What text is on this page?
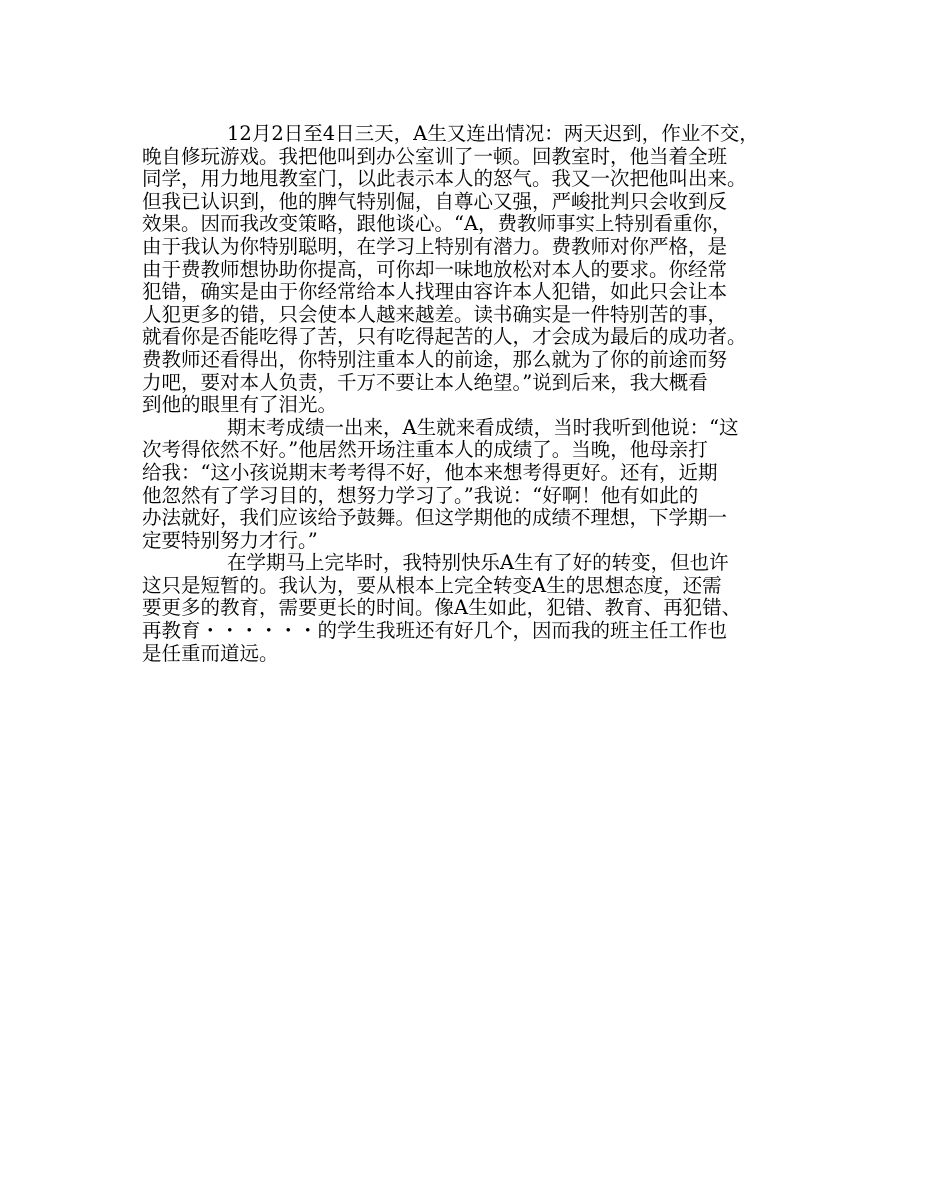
12月2日至4日三天，A生又连出情况：两天迟到，作业不交，
晚自修玩游戏。我把他叫到办公室训了一顿。回教室时，他当着全班
同学，用力地甩教室门，以此表示本人的怒气。我又一次把他叫出来。
但我已认识到，他的脾气特别倔，自尊心又强，严峻批判只会收到反
效果。因而我改变策略，跟他谈心。“A，费教师事实上特别看重你，
由于我认为你特别聪明，在学习上特别有潜力。费教师对你严格，是
由于费教师想协助你提高，可你却一味地放松对本人的要求。你经常
犯错，确实是由于你经常给本人找理由容许本人犯错，如此只会让本
人犯更多的错，只会使本人越来越差。读书确实是一件特别苦的事，
就看你是否能吃得了苦，只有吃得起苦的人，才会成为最后的成功者。
费教师还看得出，你特别注重本人的前途，那么就为了你的前途而努
力吧，要对本人负责，千万不要让本人绝望。”说到后来，我大概看
到他的眼里有了泪光。
期末考成绩一出来，A生就来看成绩，当时我听到他说：“这
次考得依然不好。”他居然开场注重本人的成绩了。当晚，他母亲打
给我：“这小孩说期末考考得不好，他本来想考得更好。还有，近期
他忽然有了学习目的，想努力学习了。”我说：“好啊！他有如此的
办法就好，我们应该给予鼓舞。但这学期他的成绩不理想，下学期一
定要特别努力才行。”
在学期马上完毕时，我特别快乐A生有了好的转变，但也许
这只是短暂的。我认为，要从根本上完全转变A生的思想态度，还需
要更多的教育，需要更长的时间。像A生如此，犯错、教育、再犯错、
再教育・・・・・・的学生我班还有好几个，因而我的班主任工作也
是任重而道远。
